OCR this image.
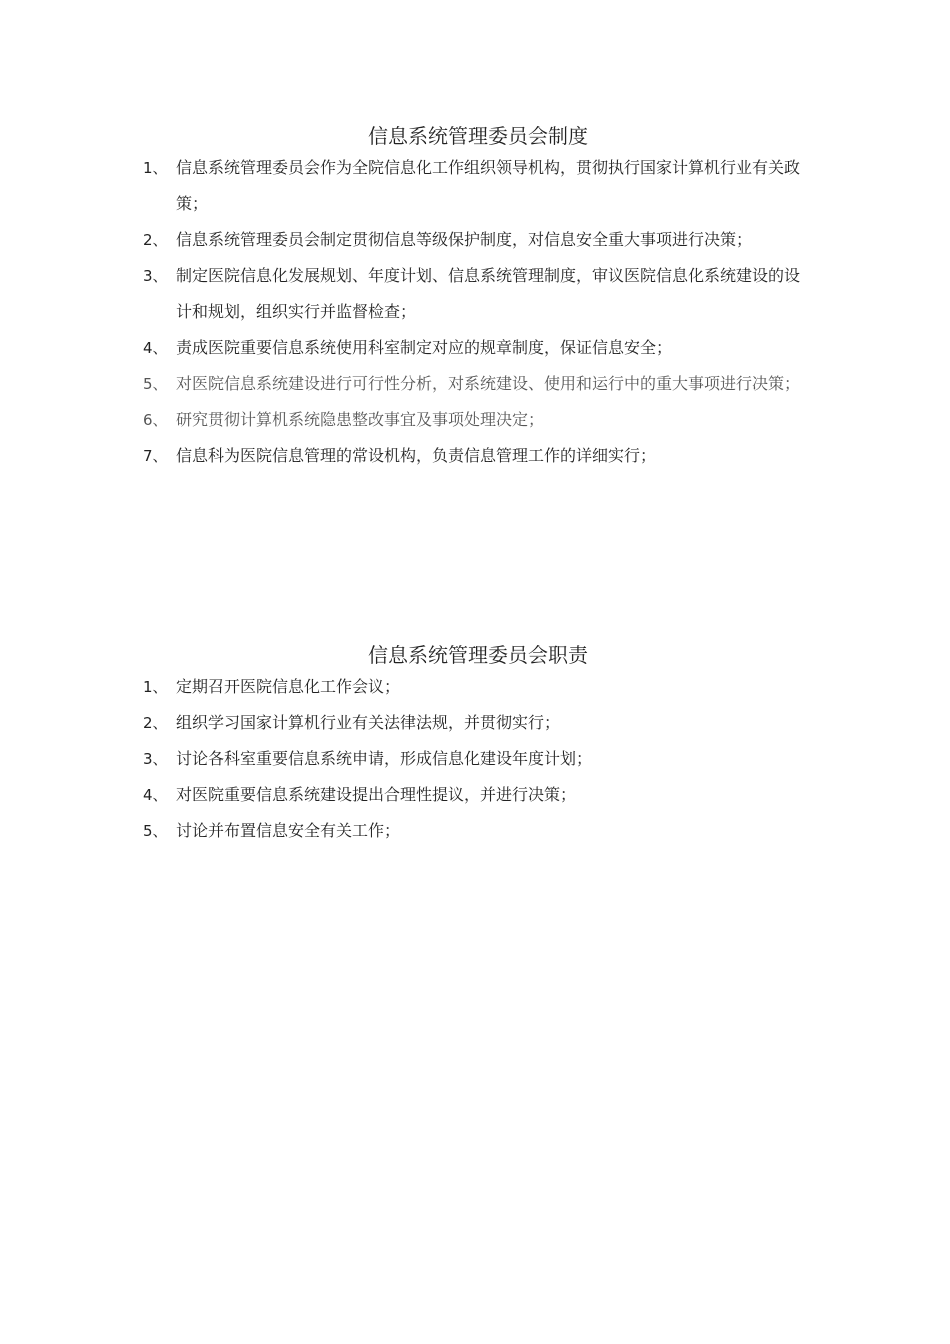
信息系统管理委员会制度
1、 信息系统管理委员会作为全院信息化工作组织领导机构，贯彻执行国家计算机行业有关政策；
2、 信息系统管理委员会制定贯彻信息等级保护制度，对信息安全重大事项进行决策；
3、 制定医院信息化发展规划、年度计划、信息系统管理制度，审议医院信息化系统建设的设计和规划，组织实行并监督检查；
4、 责成医院重要信息系统使用科室制定对应的规章制度，保证信息安全；
5、 对医院信息系统建设进行可行性分析，对系统建设、使用和运行中的重大事项进行决策；
6、 研究贯彻计算机系统隐患整改事宜及事项处理决定；
7、 信息科为医院信息管理的常设机构，负责信息管理工作的详细实行；
信息系统管理委员会职责
1、 定期召开医院信息化工作会议；
2、 组织学习国家计算机行业有关法律法规，并贯彻实行；
3、 讨论各科室重要信息系统申请，形成信息化建设年度计划；
4、 对医院重要信息系统建设提出合理性提议，并进行决策；
5、 讨论并布置信息安全有关工作；
